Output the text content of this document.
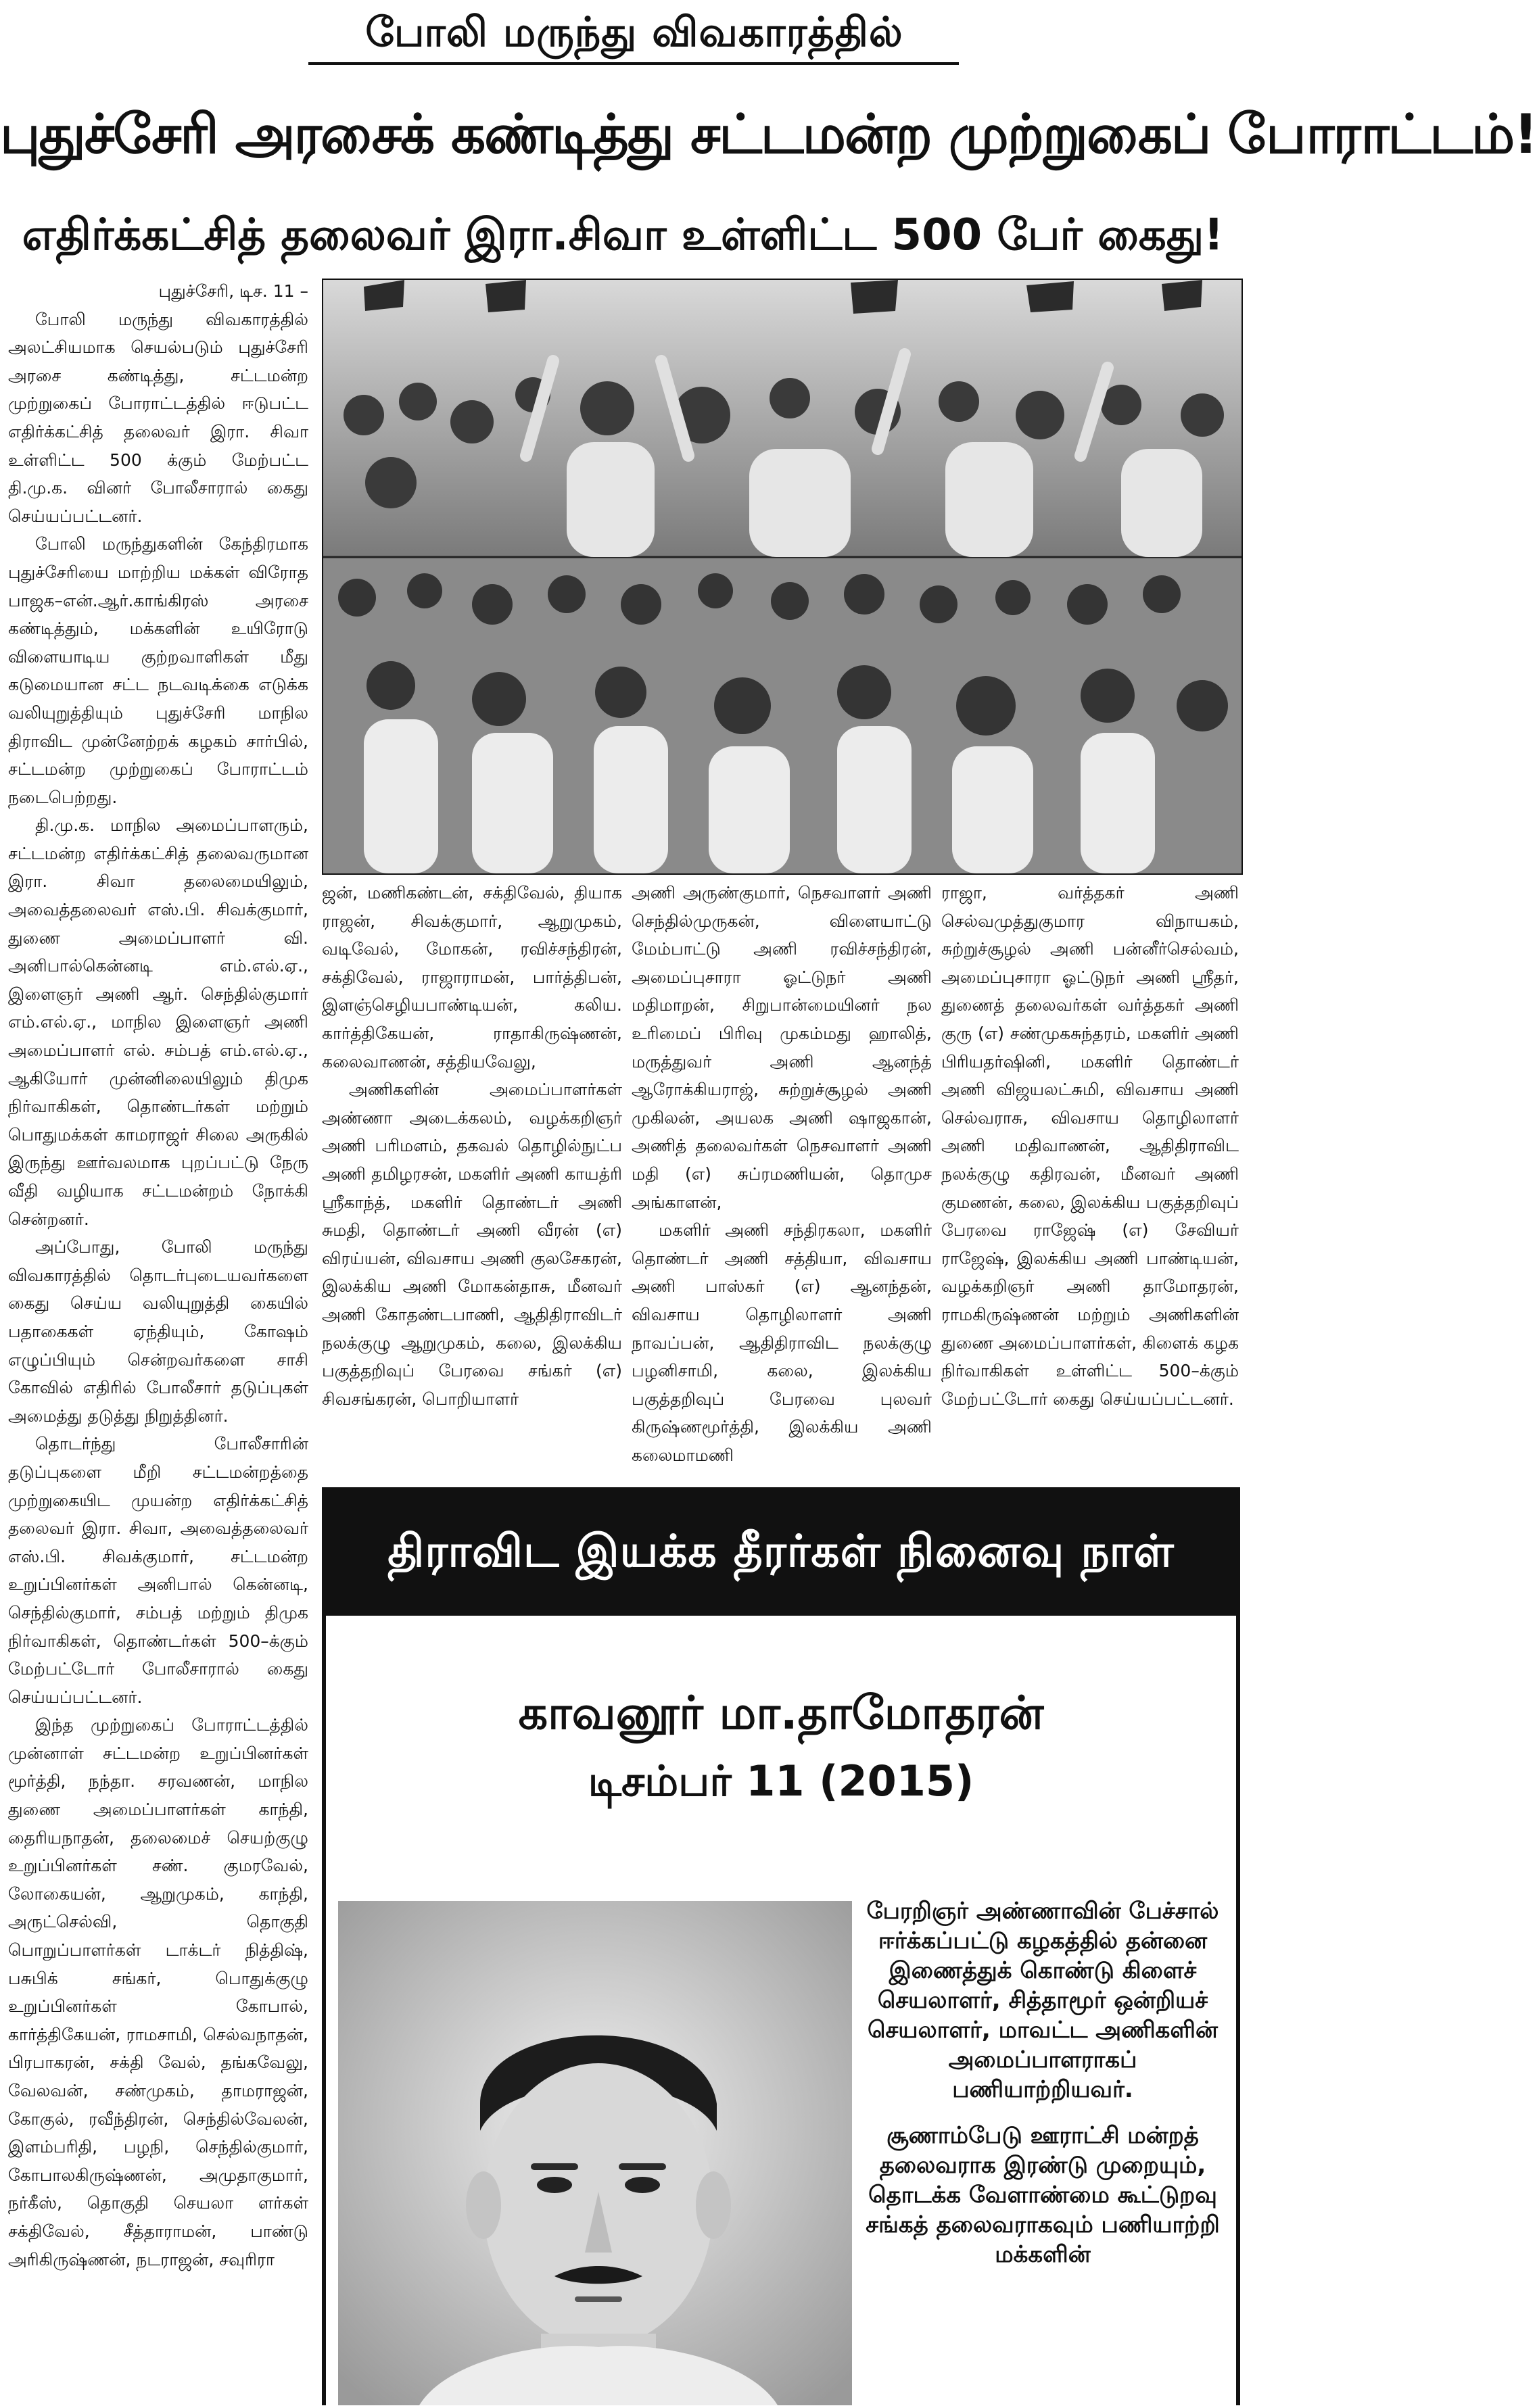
போலி மருந்து விவகாரத்தில்
புதுச்சேரி அரசைக் கண்டித்து சட்டமன்ற முற்றுகைப் போராட்டம்!
எதிர்க்கட்சித் தலைவர் இரா.சிவா உள்ளிட்ட 500 பேர் கைது!

புதுச்சேரி, டிச. 11 –

போலி மருந்து விவகாரத்தில் அலட்சியமாக செயல்படும் புதுச்சேரி அரசை கண்டித்து, சட்டமன்ற முற்றுகைப் போராட்டத்தில் ஈடுபட்ட எதிர்க்கட்சித் தலைவர் இரா. சிவா உள்ளிட்ட 500 க்கும் மேற்பட்ட தி.மு.க. வினர் போலீசாரால் கைது செய்யப்பட்டனர்.

போலி மருந்துகளின் கேந்திரமாக புதுச்சேரியை மாற்றிய மக்கள் விரோத பாஜக–என்.ஆர்.காங்கிரஸ் அரசை கண்டித்தும், மக்களின் உயிரோடு விளையாடிய குற்றவாளிகள் மீது கடுமையான சட்ட நடவடிக்கை எடுக்க வலியுறுத்தியும் புதுச்சேரி மாநில திராவிட முன்னேற்றக் கழகம் சார்பில், சட்டமன்ற முற்றுகைப் போராட்டம் நடைபெற்றது.

தி.மு.க. மாநில அமைப்பாளரும், சட்டமன்ற எதிர்க்கட்சித் தலைவருமான இரா. சிவா தலைமையிலும், அவைத்தலைவர் எஸ்.பி. சிவக்குமார், துணை அமைப்பாளர் வி. அனிபால்கென்னடி எம்.எல்.ஏ., இளைஞர் அணி ஆர். செந்தில்குமார் எம்.எல்.ஏ., மாநில இளைஞர் அணி அமைப்பாளர் எல். சம்பத் எம்.எல்.ஏ., ஆகியோர் முன்னிலையிலும் திமுக நிர்வாகிகள், தொண்டர்கள் மற்றும் பொதுமக்கள் காமராஜர் சிலை அருகில் இருந்து ஊர்வலமாக புறப்பட்டு நேரு வீதி வழியாக சட்டமன்றம் நோக்கி சென்றனர்.

அப்போது, போலி மருந்து விவகாரத்தில் தொடர்புடையவர்களை கைது செய்ய வலியுறுத்தி கையில் பதாகைகள் ஏந்தியும், கோஷம் எழுப்பியும் சென்றவர்களை சாசி கோவில் எதிரில் போலீசார் தடுப்புகள் அமைத்து தடுத்து நிறுத்தினர்.

தொடர்ந்து போலீசாரின் தடுப்புகளை மீறி சட்டமன்றத்தை முற்றுகையிட முயன்ற எதிர்க்கட்சித் தலைவர் இரா. சிவா, அவைத்தலைவர் எஸ்.பி. சிவக்குமார், சட்டமன்ற உறுப்பினர்கள் அனிபால் கென்னடி, செந்தில்குமார், சம்பத் மற்றும் திமுக நிர்வாகிகள், தொண்டர்கள் 500–க்கும் மேற்பட்டோர் போலீசாரால் கைது செய்யப்பட்டனர்.

இந்த முற்றுகைப் போராட்டத்தில் முன்னாள் சட்டமன்ற உறுப்பினர்கள் மூர்த்தி, நந்தா. சரவணன், மாநில துணை அமைப்பாளர்கள் காந்தி, தைரியநாதன், தலைமைச் செயற்குழு உறுப்பினர்கள் சண். குமரவேல், லோகையன், ஆறுமுகம், காந்தி, அருட்செல்வி, தொகுதி பொறுப்பாளர்கள் டாக்டர் நித்திஷ், பசுபிக் சங்கர், பொதுக்குழு உறுப்பினர்கள் கோபால், கார்த்திகேயன், ராமசாமி, செல்வநாதன், பிரபாகரன், சக்தி வேல், தங்கவேலு, வேலவன், சண்முகம், தாமராஜன், கோகுல், ரவீந்திரன், செந்தில்வேலன், இளம்பரிதி, பழநி, செந்தில்குமார், கோபாலகிருஷ்ணன், அமுதாகுமார், நர்கீஸ், தொகுதி செயலா ளர்கள் சக்திவேல், சீத்தாராமன், பாண்டு அரிகிருஷ்ணன், நடராஜன், சவுரிரா

ஜன், மணிகண்டன், சக்திவேல், தியாக ராஜன், சிவக்குமார், ஆறுமுகம், வடிவேல், மோகன், ரவிச்சந்திரன், சக்திவேல், ராஜாராமன், பார்த்திபன், இளஞ்செழியபாண்டியன், கலிய. கார்த்திகேயன், ராதாகிருஷ்ணன், கலைவாணன், சத்தியவேலு,

அணிகளின் அமைப்பாளர்கள் அண்ணா அடைக்கலம், வழக்கறிஞர் அணி பரிமளம், தகவல் தொழில்நுட்ப அணி தமிழரசன், மகளிர் அணி காயத்ரி ஸ்ரீகாந்த், மகளிர் தொண்டர் அணி சுமதி, தொண்டர் அணி வீரன் (எ) விரய்யன், விவசாய அணி குலசேகரன், இலக்கிய அணி மோகன்தாசு, மீனவர் அணி கோதண்டபாணி, ஆதிதிராவிடர் நலக்குழு ஆறுமுகம், கலை, இலக்கிய பகுத்தறிவுப் பேரவை சங்கர் (எ) சிவசங்கரன், பொறியாளர்

அணி அருண்குமார், நெசவாளர் அணி செந்தில்முருகன், விளையாட்டு மேம்பாட்டு அணி ரவிச்சந்திரன், அமைப்புசாரா ஓட்டுநர் அணி மதிமாறன், சிறுபான்மையினர் நல உரிமைப் பிரிவு முகம்மது ஹாலித், மருத்துவர் அணி ஆனந்த் ஆரோக்கியராஜ், சுற்றுச்சூழல் அணி முகிலன், அயலக அணி ஷாஜகான், அணித் தலைவர்கள் நெசவாளர் அணி மதி (எ) சுப்ரமணியன், தொமுச அங்காளன்,

மகளிர் அணி சந்திரகலா, மகளிர் தொண்டர் அணி சத்தியா, விவசாய அணி பாஸ்கர் (எ) ஆனந்தன், விவசாய தொழிலாளர் அணி நாவப்பன், ஆதிதிராவிட நலக்குழு பழனிசாமி, கலை, இலக்கிய பகுத்தறிவுப் பேரவை புலவர் கிருஷ்ணமூர்த்தி, இலக்கிய அணி கலைமாமணி

ராஜா, வர்த்தகர் அணி செல்வமுத்துகுமார விநாயகம், சுற்றுச்சூழல் அணி பன்னீர்செல்வம், அமைப்புசாரா ஓட்டுநர் அணி ஸ்ரீதர், துணைத் தலைவர்கள் வர்த்தகர் அணி குரு (எ) சண்முகசுந்தரம், மகளிர் அணி பிரியதர்ஷினி, மகளிர் தொண்டர் அணி விஜயலட்சுமி, விவசாய அணி செல்வராசு, விவசாய தொழிலாளர் அணி மதிவாணன், ஆதிதிராவிட நலக்குழு கதிரவன், மீனவர் அணி குமணன், கலை, இலக்கிய பகுத்தறிவுப் பேரவை ராஜேஷ் (எ) சேவியர் ராஜேஷ், இலக்கிய அணி பாண்டியன், வழக்கறிஞர் அணி தாமோதரன், ராமகிருஷ்ணன் மற்றும் அணிகளின் துணை அமைப்பாளர்கள், கிளைக் கழக நிர்வாகிகள் உள்ளிட்ட 500–க்கும் மேற்பட்டோர் கைது செய்யப்பட்டனர்.

திராவிட இயக்க தீரர்கள் நினைவு நாள்
காவனூர் மா.தாமோதரன்
டிசம்பர் 11 (2015)

பேரறிஞர் அண்ணாவின் பேச்சால் ஈர்க்கப்பட்டு கழகத்தில் தன்னை இணைத்துக் கொண்டு கிளைச் செயலாளர், சித்தாமூர் ஒன்றியச் செயலாளர், மாவட்ட அணிகளின் அமைப்பாளராகப் பணியாற்றியவர்.

சூணாம்பேடு ஊராட்சி மன்றத் தலைவராக இரண்டு முறையும், தொடக்க வேளாண்மை கூட்டுறவு சங்கத் தலைவராகவும் பணியாற்றி மக்களின்
